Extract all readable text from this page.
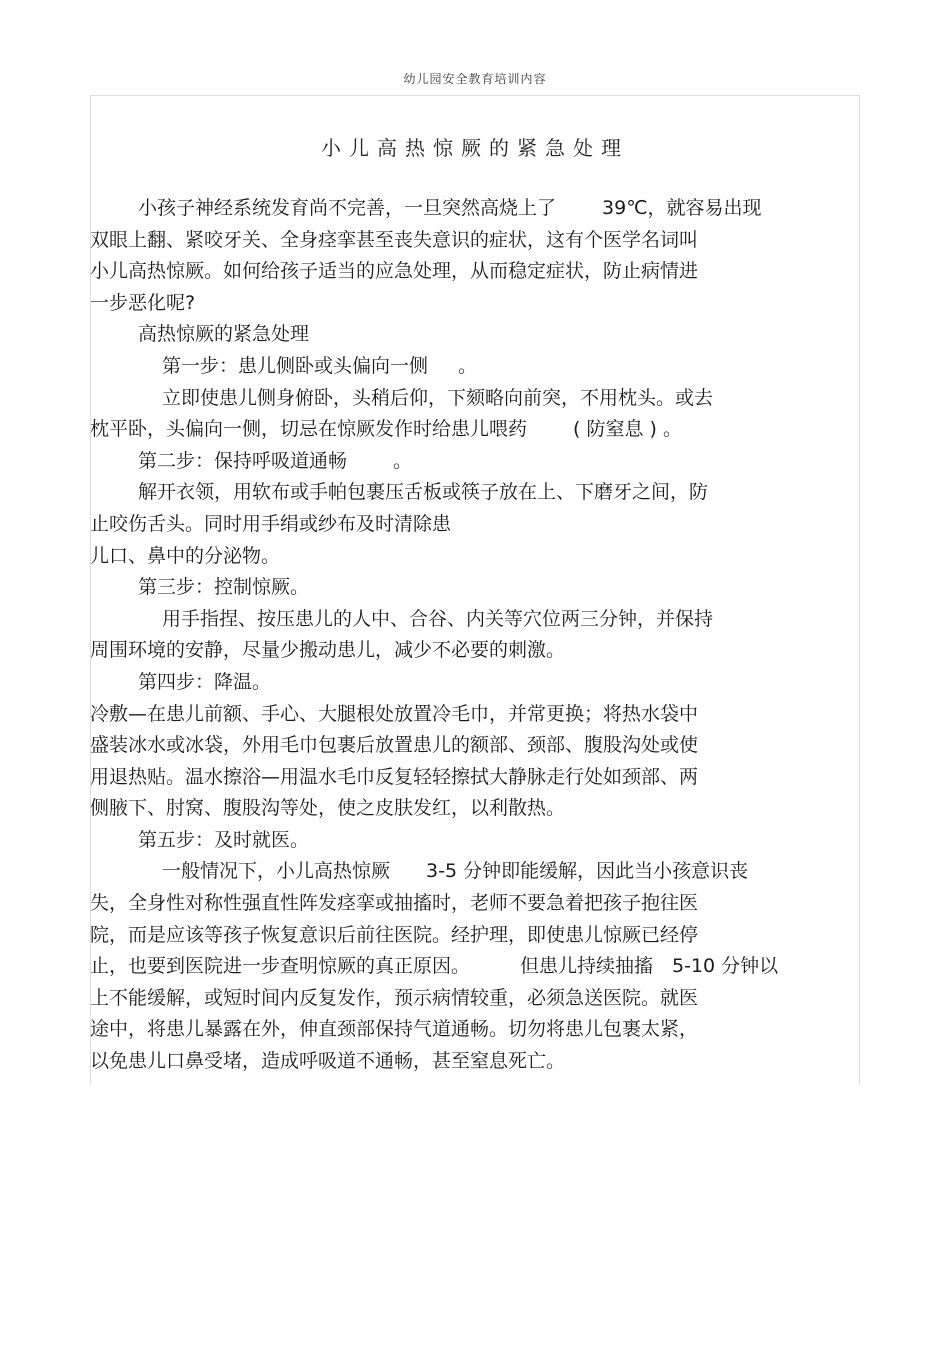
幼儿园安全教育培训内容
小儿高热惊厥的紧急处理
小孩子神经系统发育尚不完善，一旦突然高烧上了 39℃，就容易出现
双眼上翻、紧咬牙关、全身痉挛甚至丧失意识的症状，这有个医学名词叫
小儿高热惊厥。如何给孩子适当的应急处理，从而稳定症状，防止病情进
一步恶化呢?
高热惊厥的紧急处理
第一步：患儿侧卧或头偏向一侧 。
立即使患儿侧身俯卧，头稍后仰，下颏略向前突，不用枕头。或去
枕平卧，头偏向一侧，切忌在惊厥发作时给患儿喂药 ( 防窒息 ) 。
第二步：保持呼吸道通畅 。
解开衣领，用软布或手帕包裹压舌板或筷子放在上、下磨牙之间，防
止咬伤舌头。同时用手绢或纱布及时清除患
儿口、鼻中的分泌物。
第三步：控制惊厥。
用手指捏、按压患儿的人中、合谷、内关等穴位两三分钟，并保持
周围环境的安静，尽量少搬动患儿，减少不必要的刺激。
第四步：降温。
冷敷—在患儿前额、手心、大腿根处放置冷毛巾，并常更换；将热水袋中
盛装冰水或冰袋，外用毛巾包裹后放置患儿的额部、颈部、腹股沟处或使
用退热贴。温水擦浴—用温水毛巾反复轻轻擦拭大静脉走行处如颈部、两
侧腋下、肘窝、腹股沟等处，使之皮肤发红，以利散热。
第五步：及时就医。
一般情况下，小儿高热惊厥 3-5 分钟即能缓解，因此当小孩意识丧
失，全身性对称性强直性阵发痉挛或抽搐时，老师不要急着把孩子抱往医
院，而是应该等孩子恢复意识后前往医院。经护理，即使患儿惊厥已经停
止，也要到医院进一步查明惊厥的真正原因。	但患儿持续抽搐　5-10 分钟以
上不能缓解，或短时间内反复发作，预示病情较重，必须急送医院。就医
途中，将患儿暴露在外，伸直颈部保持气道通畅。切勿将患儿包裹太紧，
以免患儿口鼻受堵，造成呼吸道不通畅，甚至窒息死亡。
